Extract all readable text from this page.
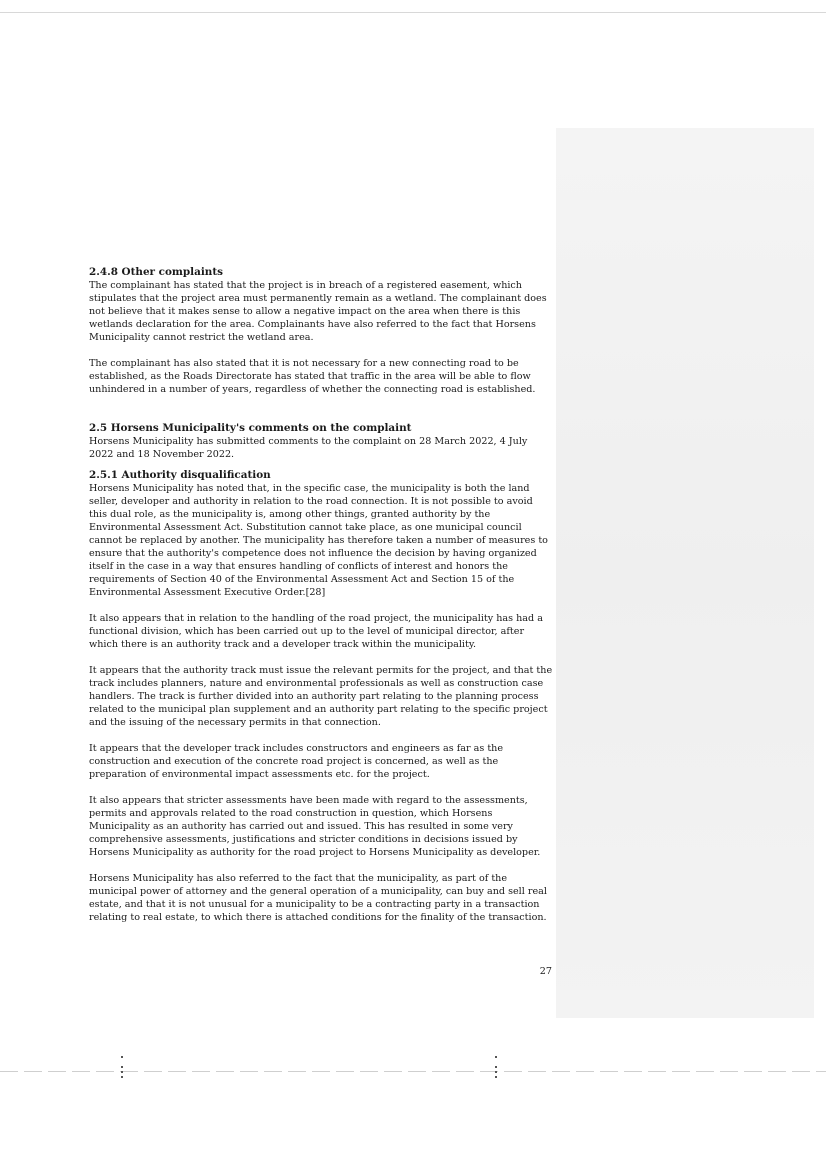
2.4.8 Other complaints

The complainant has stated that the project is in breach of a registered easement, which stipulates that the project area must permanently remain as a wetland. The complainant does not believe that it makes sense to allow a negative impact on the area when there is this wetlands declaration for the area. Complainants have also referred to the fact that Horsens Municipality cannot restrict the wetland area.

The complainant has also stated that it is not necessary for a new connecting road to be established, as the Roads Directorate has stated that traffic in the area will be able to flow unhindered in a number of years, regardless of whether the connecting road is established.

2.5 Horsens Municipality's comments on the complaint

Horsens Municipality has submitted comments to the complaint on 28 March 2022, 4 July 2022 and 18 November 2022.

2.5.1 Authority disqualification

Horsens Municipality has noted that, in the specific case, the municipality is both the land seller, developer and authority in relation to the road connection. It is not possible to avoid this dual role, as the municipality is, among other things, granted authority by the Environmental Assessment Act. Substitution cannot take place, as one municipal council cannot be replaced by another. The municipality has therefore taken a number of measures to ensure that the authority's competence does not influence the decision by having organized itself in the case in a way that ensures handling of conflicts of interest and honors the requirements of Section 40 of the Environmental Assessment Act and Section 15 of the Environmental Assessment Executive Order.[28]

It also appears that in relation to the handling of the road project, the municipality has had a functional division, which has been carried out up to the level of municipal director, after which there is an authority track and a developer track within the municipality.

It appears that the authority track must issue the relevant permits for the project, and that the track includes planners, nature and environmental professionals as well as construction case handlers. The track is further divided into an authority part relating to the planning process related to the municipal plan supplement and an authority part relating to the specific project and the issuing of the necessary permits in that connection.

It appears that the developer track includes constructors and engineers as far as the construction and execution of the concrete road project is concerned, as well as the preparation of environmental impact assessments etc. for the project.

It also appears that stricter assessments have been made with regard to the assessments, permits and approvals related to the road construction in question, which Horsens Municipality as an authority has carried out and issued. This has resulted in some very comprehensive assessments, justifications and stricter conditions in decisions issued by Horsens Municipality as authority for the road project to Horsens Municipality as developer.

Horsens Municipality has also referred to the fact that the municipality, as part of the municipal power of attorney and the general operation of a municipality, can buy and sell real estate, and that it is not unusual for a municipality to be a contracting party in a transaction relating to real estate, to which there is attached conditions for the finality of the transaction.

27
